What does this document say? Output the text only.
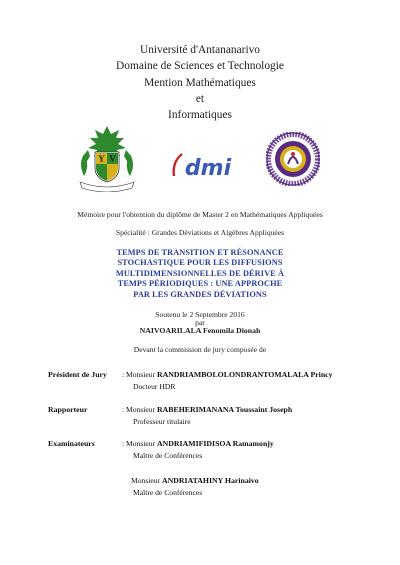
Université d'Antananarivo
Domaine de Sciences et Technologie
Mention Mathématiques
et
Informatiques
Y V	dmi
Mémoire pour l'obtention du diplôme de Master 2 en Mathématiques Appliquées
Spécialité : Grandes Déviations et Algèbres Appliquées
TEMPS DE TRANSITION ET RÉSONANCE
STOCHASTIQUE POUR LES DIFFUSIONS
MULTIDIMENSIONNELLES DE DÉRIVE À
TEMPS PÉRIODIQUES : UNE APPROCHE
PAR LES GRANDES DÉVIATIONS
Soutenu le 2 Septembre 2016
par
NAIVOARILALA Fenomila Dionah
Devant la commission de jury composée de
Président de Jury : Monsieur RANDRIAMBOLOLONDRANTOMALALA Princy
Docteur HDR
Rapporteur	: Monsieur RABEHERIMANANA Toussaint Joseph
Professeur titulaire
Examinateurs	: Monsieur ANDRIAMIFIDISOA Ramamonjy
Maître de Conférences
Monsieur ANDRIATAHINY Harinaivo
Maître de Conférences
